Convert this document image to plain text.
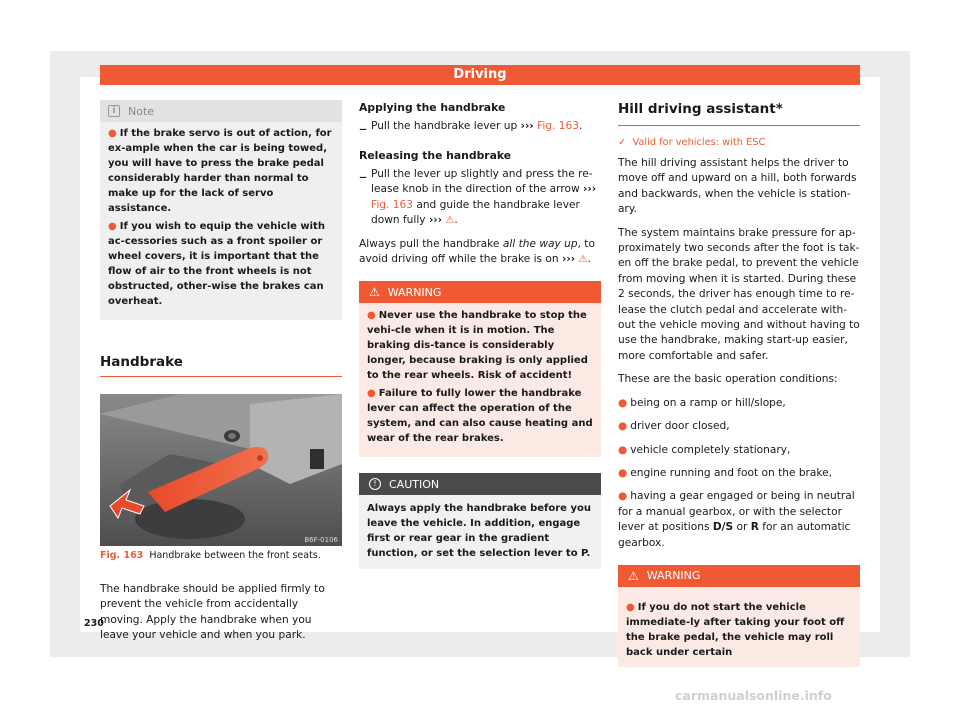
Driving
i	Note

● If the brake servo is out of action, for ex-ample when the car is being towed, you will have to press the brake pedal considerably harder than normal to make up for the lack of servo assistance.

● If you wish to equip the vehicle with ac-cessories such as a front spoiler or wheel covers, it is important that the flow of air to the front wheels is not obstructed, other-wise the brakes can overheat.

Handbrake
B6F-0106
Fig. 163 Handbrake between the front seats.

The handbrake should be applied firmly to prevent the vehicle from accidentally moving. Apply the handbrake when you leave your vehicle and when you park.

Applying the handbrake
– Pull the handbrake lever up ››› Fig. 163.

Releasing the handbrake
– Pull the lever up slightly and press the re-lease knob in the direction of the arrow ››› Fig. 163 and guide the handbrake lever down fully ››› ⚠.

Always pull the handbrake all the way up, to avoid driving off while the brake is on ››› ⚠.

⚠ WARNING

● Never use the handbrake to stop the vehi-cle when it is in motion. The braking dis-tance is considerably longer, because braking is only applied to the rear wheels. Risk of accident!

● Failure to fully lower the handbrake lever can affect the operation of the system, and can also cause heating and wear of the rear brakes.

!	CAUTION

Always apply the handbrake before you leave the vehicle. In addition, engage first or rear gear in the gradient function, or set the selection lever to P.

Hill driving assistant*
✓ Valid for vehicles: with ESC

The hill driving assistant helps the driver to move off and upward on a hill, both forwards and backwards, when the vehicle is station-ary.

The system maintains brake pressure for ap-proximately two seconds after the foot is tak-en off the brake pedal, to prevent the vehicle from moving when it is started. During these 2 seconds, the driver has enough time to re-lease the clutch pedal and accelerate with-out the vehicle moving and without having to use the handbrake, making start-up easier, more comfortable and safer.

These are the basic operation conditions:

● being on a ramp or hill/slope,

● driver door closed,

● vehicle completely stationary,

● engine running and foot on the brake,

● having a gear engaged or being in neutral for a manual gearbox, or with the selector lever at positions D/S or R for an automatic gearbox.

⚠ WARNING

● If you do not start the vehicle immediate-ly after taking your foot off the brake pedal, the vehicle may roll back under certain

230
carmanualsonline.info
